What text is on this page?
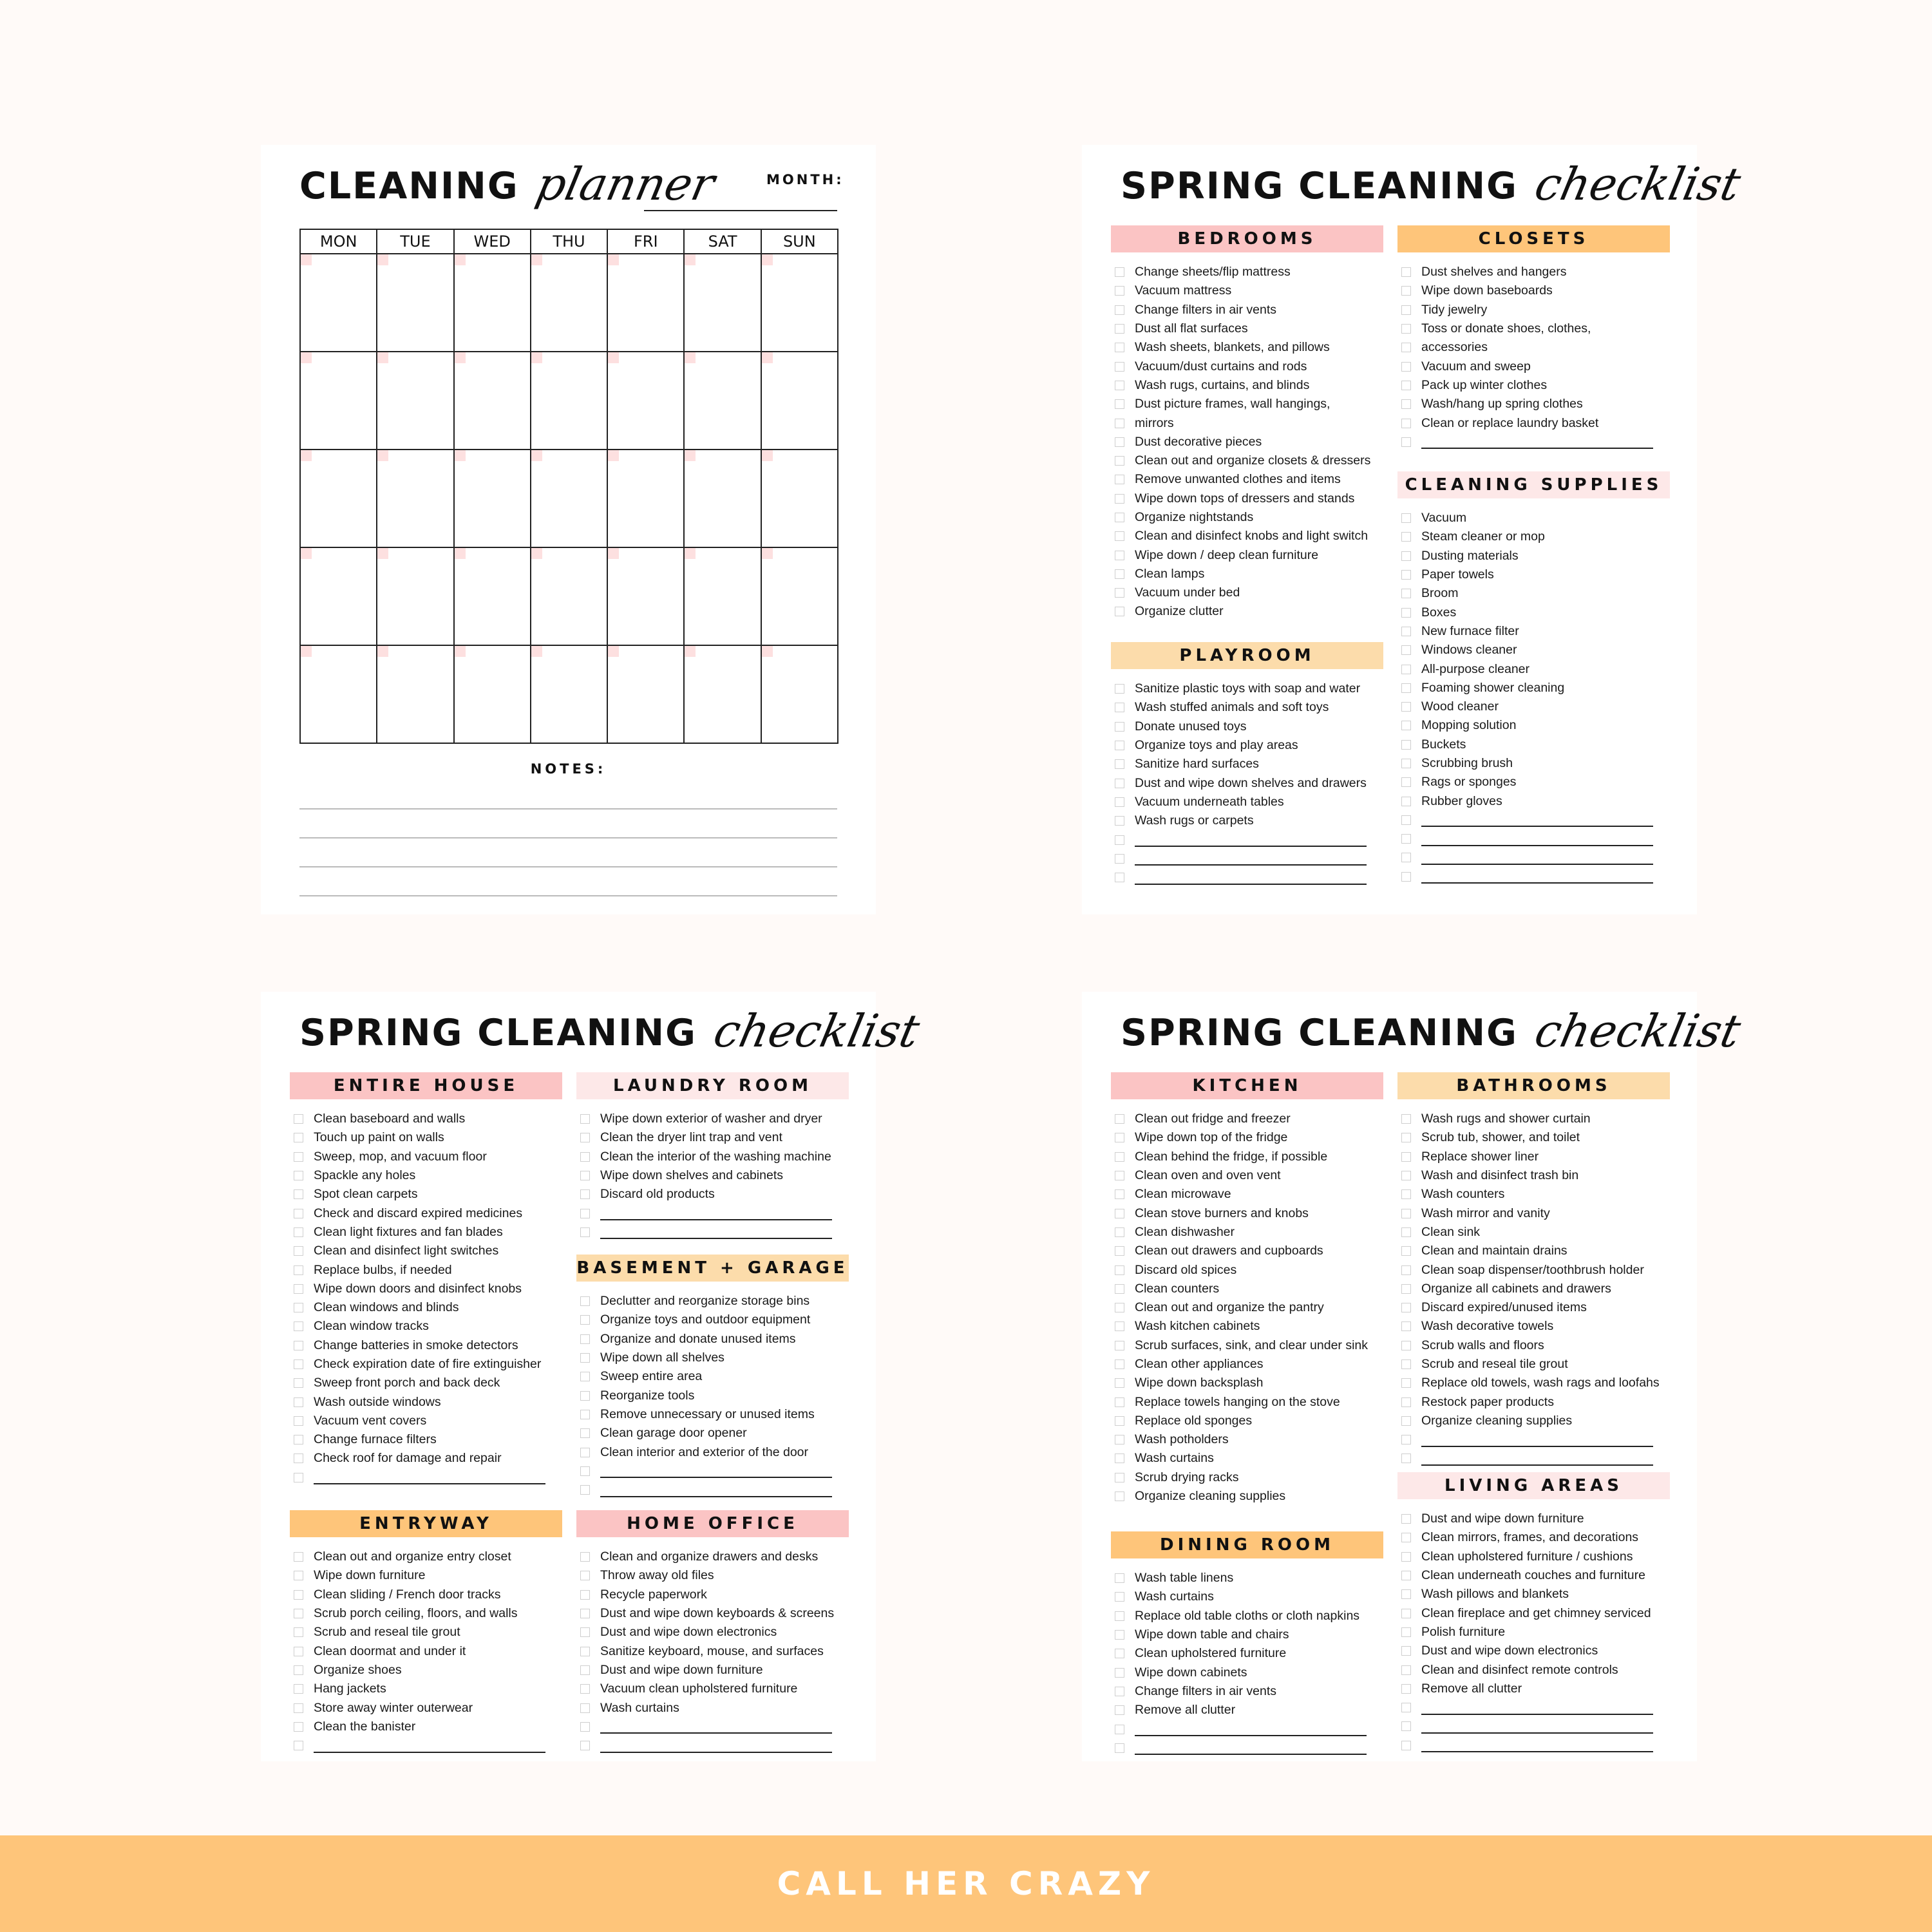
CLEANING planner	MONTH:
MON	TUE	WED	THU	FRI	SAT	SUN
NOTES:
SPRING CLEANING checklist
BEDROOMS
Change sheets/flip mattress
Vacuum mattress
Change filters in air vents
Dust all flat surfaces
Wash sheets, blankets, and pillows
Vacuum/dust curtains and rods
Wash rugs, curtains, and blinds
Dust picture frames, wall hangings,
mirrors
Dust decorative pieces
Clean out and organize closets & dressers
Remove unwanted clothes and items
Wipe down tops of dressers and stands
Organize nightstands
Clean and disinfect knobs and light switch
Wipe down / deep clean furniture
Clean lamps
Vacuum under bed
Organize clutter
PLAYROOM
Sanitize plastic toys with soap and water
Wash stuffed animals and soft toys
Donate unused toys
Organize toys and play areas
Sanitize hard surfaces
Dust and wipe down shelves and drawers
Vacuum underneath tables
Wash rugs or carpets
CLOSETS
Dust shelves and hangers
Wipe down baseboards
Tidy jewelry
Toss or donate shoes, clothes,
accessories
Vacuum and sweep
Pack up winter clothes
Wash/hang up spring clothes
Clean or replace laundry basket
CLEANING SUPPLIES
Vacuum
Steam cleaner or mop
Dusting materials
Paper towels
Broom
Boxes
New furnace filter
Windows cleaner
All-purpose cleaner
Foaming shower cleaning
Wood cleaner
Mopping solution
Buckets
Scrubbing brush
Rags or sponges
Rubber gloves
SPRING CLEANING checklist
ENTIRE HOUSE
Clean baseboard and walls
Touch up paint on walls
Sweep, mop, and vacuum floor
Spackle any holes
Spot clean carpets
Check and discard expired medicines
Clean light fixtures and fan blades
Clean and disinfect light switches
Replace bulbs, if needed
Wipe down doors and disinfect knobs
Clean windows and blinds
Clean window tracks
Change batteries in smoke detectors
Check expiration date of fire extinguisher
Sweep front porch and back deck
Wash outside windows
Vacuum vent covers
Change furnace filters
Check roof for damage and repair
ENTRYWAY
Clean out and organize entry closet
Wipe down furniture
Clean sliding / French door tracks
Scrub porch ceiling, floors, and walls
Scrub and reseal tile grout
Clean doormat and under it
Organize shoes
Hang jackets
Store away winter outerwear
Clean the banister
LAUNDRY ROOM
Wipe down exterior of washer and dryer
Clean the dryer lint trap and vent
Clean the interior of the washing machine
Wipe down shelves and cabinets
Discard old products
BASEMENT + GARAGE
Declutter and reorganize storage bins
Organize toys and outdoor equipment
Organize and donate unused items
Wipe down all shelves
Sweep entire area
Reorganize tools
Remove unnecessary or unused items
Clean garage door opener
Clean interior and exterior of the door
HOME OFFICE
Clean and organize drawers and desks
Throw away old files
Recycle paperwork
Dust and wipe down keyboards & screens
Dust and wipe down electronics
Sanitize keyboard, mouse, and surfaces
Dust and wipe down furniture
Vacuum clean upholstered furniture
Wash curtains
SPRING CLEANING checklist
KITCHEN
Clean out fridge and freezer
Wipe down top of the fridge
Clean behind the fridge, if possible
Clean oven and oven vent
Clean microwave
Clean stove burners and knobs
Clean dishwasher
Clean out drawers and cupboards
Discard old spices
Clean counters
Clean out and organize the pantry
Wash kitchen cabinets
Scrub surfaces, sink, and clear under sink
Clean other appliances
Wipe down backsplash
Replace towels hanging on the stove
Replace old sponges
Wash potholders
Wash curtains
Scrub drying racks
Organize cleaning supplies
DINING ROOM
Wash table linens
Wash curtains
Replace old table cloths or cloth napkins
Wipe down table and chairs
Clean upholstered furniture
Wipe down cabinets
Change filters in air vents
Remove all clutter
BATHROOMS
Wash rugs and shower curtain
Scrub tub, shower, and toilet
Replace shower liner
Wash and disinfect trash bin
Wash counters
Wash mirror and vanity
Clean sink
Clean and maintain drains
Clean soap dispenser/toothbrush holder
Organize all cabinets and drawers
Discard expired/unused items
Wash decorative towels
Scrub walls and floors
Scrub and reseal tile grout
Replace old towels, wash rags and loofahs
Restock paper products
Organize cleaning supplies
LIVING AREAS
Dust and wipe down furniture
Clean mirrors, frames, and decorations
Clean upholstered furniture / cushions
Clean underneath couches and furniture
Wash pillows and blankets
Clean fireplace and get chimney serviced
Polish furniture
Dust and wipe down electronics
Clean and disinfect remote controls
Remove all clutter
CALL HER CRAZY
